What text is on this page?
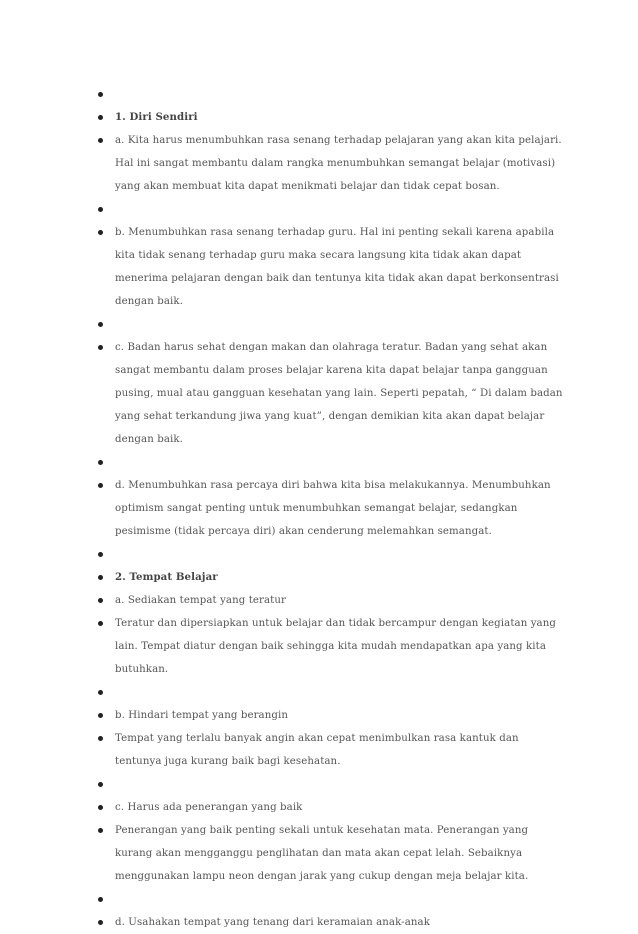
1. Diri Sendiri
a. Kita harus menumbuhkan rasa senang terhadap pelajaran yang akan kita pelajari. Hal ini sangat membantu dalam rangka menumbuhkan semangat belajar (motivasi) yang akan membuat kita dapat menikmati belajar dan tidak cepat bosan.
b. Menumbuhkan rasa senang terhadap guru. Hal ini penting sekali karena apabila kita tidak senang terhadap guru maka secara langsung kita tidak akan dapat menerima pelajaran dengan baik dan tentunya kita tidak akan dapat berkonsentrasi dengan baik.
c. Badan harus sehat dengan makan dan olahraga teratur. Badan yang sehat akan sangat membantu dalam proses belajar karena kita dapat belajar tanpa gangguan pusing, mual atau gangguan kesehatan yang lain. Seperti pepatah, “ Di dalam badan yang sehat terkandung jiwa yang kuat”, dengan demikian kita akan dapat belajar dengan baik.
d. Menumbuhkan rasa percaya diri bahwa kita bisa melakukannya. Menumbuhkan optimism sangat penting untuk menumbuhkan semangat belajar, sedangkan pesimisme (tidak percaya diri) akan cenderung melemahkan semangat.
2. Tempat Belajar
a. Sediakan tempat yang teratur
Teratur dan dipersiapkan untuk belajar dan tidak bercampur dengan kegiatan yang lain. Tempat diatur dengan baik sehingga kita mudah mendapatkan apa yang kita butuhkan.
b. Hindari tempat yang berangin
Tempat yang terlalu banyak angin akan cepat menimbulkan rasa kantuk dan tentunya juga kurang baik bagi kesehatan.
c. Harus ada penerangan yang baik
Penerangan yang baik penting sekali untuk kesehatan mata. Penerangan yang kurang akan mengganggu penglihatan dan mata akan cepat lelah. Sebaiknya menggunakan lampu neon dengan jarak yang cukup dengan meja belajar kita.
d. Usahakan tempat yang tenang dari keramaian anak-anak
